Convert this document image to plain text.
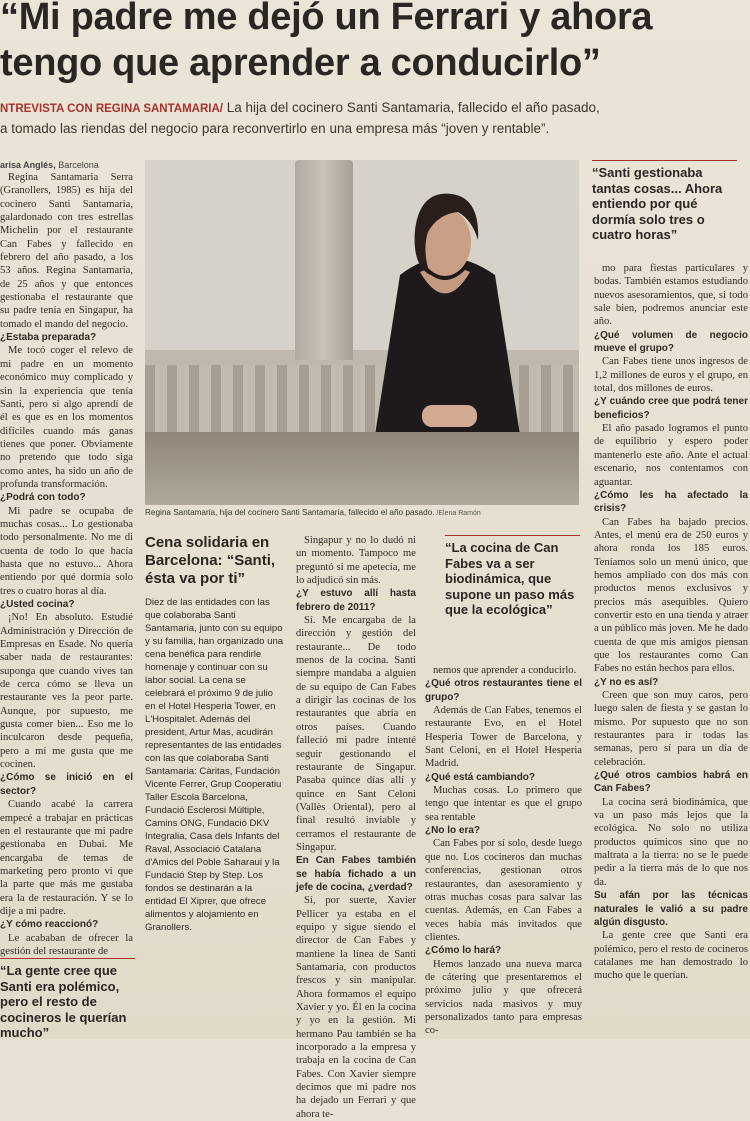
“Mi padre me dejó un Ferrari y ahora
tengo que aprender a conducirlo”
NTREVISTA CON REGINA SANTAMARIA/ La hija del cocinero Santi Santamaria, fallecido el año pasado,
a tomado las riendas del negocio para reconvertirlo en una empresa más “joven y rentable”.
arisa Anglés, Barcelona

Regina Santamaria Serra (Granollers, 1985) es hija del cocinero Santi Santamaria, galardonado con tres estrellas Michelin por el restaurante Can Fabes y fallecido en febrero del año pasado, a los 53 años. Regina Santamaria, de 25 años y que entonces gestionaba el restaurante que su padre tenía en Singapur, ha tomado el mando del negocio.

¿Estaba preparada?

Me tocó coger el relevo de mi padre en un momento económico muy complicado y sin la experiencia que tenía Santi, pero si algo aprendí de él es que es en los momentos difíciles cuando más ganas tienes que poner. Obviamente no pretendo que todo siga como antes, ha sido un año de profunda transformación.

¿Podrá con todo?

Mi padre se ocupaba de muchas cosas... Lo gestionaba todo personalmente. No me di cuenta de todo lo que hacía hasta que no estuvo... Ahora entiendo por qué dormía solo tres o cuatro horas al día.

¿Usted cocina?

¡No! En absoluto. Estudié Administración y Dirección de Empresas en Esade. No quería saber nada de restaurantes: suponga que cuando vives tan de cerca cómo se lleva un restaurante ves la peor parte. Aunque, por supuesto, me gusta comer bien... Eso me lo inculcaron desde pequeña, pero a mí me gusta que me cocinen.

¿Cómo se inició en el sector?

Cuando acabé la carrera empecé a trabajar en prácticas en el restaurante que mi padre gestionaba en Dubai. Me encargaba de temas de marketing pero pronto vi que la parte que más me gustaba era la de restauración. Y se lo dije a mi padre.

¿Y cómo reaccionó?

Le acababan de ofrecer la gestión del restaurante de

Regina Santamaria, hija del cocinero Santi Santamaria, fallecido el año pasado. /Elena Ramón
“Santi gestionaba tantas cosas... Ahora entiendo por qué dormía solo tres o cuatro horas”
Cena solidaria en Barcelona: “Santi, ésta va por ti”
Diez de las entidades con las que colaboraba Santi Santamaria, junto con su equipo y su familia, han organizado una cena benéfica para rendirle homenaje y continuar con su labor social. La cena se celebrará el próximo 9 de julio en el Hotel Hesperia Tower, en L'Hospitalet. Además del president, Artur Mas, acudirán representantes de las entidades con las que colaboraba Santi Santamaria: Càritas, Fundación Vicente Ferrer, Grup Cooperatiu Taller Escola Barcelona, Fundació Esclerosi Múltiple, Camins ONG, Fundació DKV Integralia, Casa dels Infants del Raval, Associació Catalana d'Amics del Poble Saharaui y la Fundació Step by Step. Los fondos se destinarán a la entidad El Xiprer, que ofrece alimentos y alojamiento en Granollers.

Singapur y no lo dudó ni un momento. Tampoco me preguntó si me apetecía, me lo adjudicó sin más.

¿Y estuvo allí hasta febrero de 2011?

Sí. Me encargaba de la dirección y gestión del restaurante... De todo menos de la cocina. Santi siempre mandaba a alguien de su equipo de Can Fabes a dirigir las cocinas de los restaurantes que abría en otros países. Cuando falleció mi padre intenté seguir gestionando el restaurante de Singapur. Pasaba quince días allí y quince en Sant Celoni (Vallès Oriental), pero al final resultó inviable y cerramos el restaurante de Singapur.

En Can Fabes también se había fichado a un jefe de cocina, ¿verdad?

Sí, por suerte, Xavier Pellicer ya estaba en el equipo y sigue siendo el director de Can Fabes y mantiene la línea de Santi Santamaria, con productos frescos y sin manipular. Ahora formamos el equipo Xavier y yo. Él en la cocina y yo en la gestión. Mi hermano Pau también se ha incorporado a la empresa y trabaja en la cocina de Can Fabes. Con Xavier siempre decimos que mi padre nos ha dejado un Ferrari y que ahora te-

“La cocina de Can Fabes va a ser biodinámica, que supone un paso más que la ecológica”

nemos que aprender a conducirlo.

¿Qué otros restaurantes tiene el grupo?

Además de Can Fabes, tenemos el restaurante Evo, en el Hotel Hesperia Tower de Barcelona, y Sant Celoni, en el Hotel Hesperia Madrid.

¿Qué está cambiando?

Muchas cosas. Lo primero que tengo que intentar es que el grupo sea rentable

¿No lo era?

Can Fabes por sí solo, desde luego que no. Los cocineros dan muchas conferencias, gestionan otros restaurantes, dan asesoramiento y otras muchas cosas para salvar las cuentas. Además, en Can Fabes a veces había más invitados que clientes.

¿Cómo lo hará?

Hemos lanzado una nueva marca de cátering que presentaremos el próximo julio y que ofrecerá servicios nada masivos y muy personalizados tanto para empresas co-

mo para fiestas particulares y bodas. También estamos estudiando nuevos asesoramientos, que, si todo sale bien, podremos anunciar este año.

¿Qué volumen de negocio mueve el grupo?

Can Fabes tiene unos ingresos de 1,2 millones de euros y el grupo, en total, dos millones de euros.

¿Y cuándo cree que podrá tener beneficios?

El año pasado logramos el punto de equilibrio y espero poder mantenerlo este año. Ante el actual escenario, nos contentamos con aguantar.

¿Cómo les ha afectado la crisis?

Can Fabes ha bajado precios. Antes, el menú era de 250 euros y ahora ronda los 185 euros. Teníamos solo un menú único, que hemos ampliado con dos más con productos menos exclusivos y precios más asequibles. Quiero convertir esto en una tienda y atraer a un público más joven. Me he dado cuenta de que mis amigos piensan que los restaurantes como Can Fabes no están hechos para ellos.

¿Y no es así?

Creen que son muy caros, pero luego salen de fiesta y se gastan lo mismo. Por supuesto que no son restaurantes para ir todas las semanas, pero sí para un día de celebración.

¿Qué otros cambios habrá en Can Fabes?

La cocina será biodinámica, que va un paso más lejos que la ecológica. No solo no utiliza productos químicos sino que no maltrata a la tierra: no se le puede pedir a la tierra más de lo que nos da.

Su afán por las técnicas naturales le valió a su padre algún disgusto.

La gente cree que Santi era polémico, pero el resto de cocineros catalanes me han demostrado lo mucho que le querían.

“La gente cree que Santi era polémico, pero el resto de cocineros le querían mucho”
